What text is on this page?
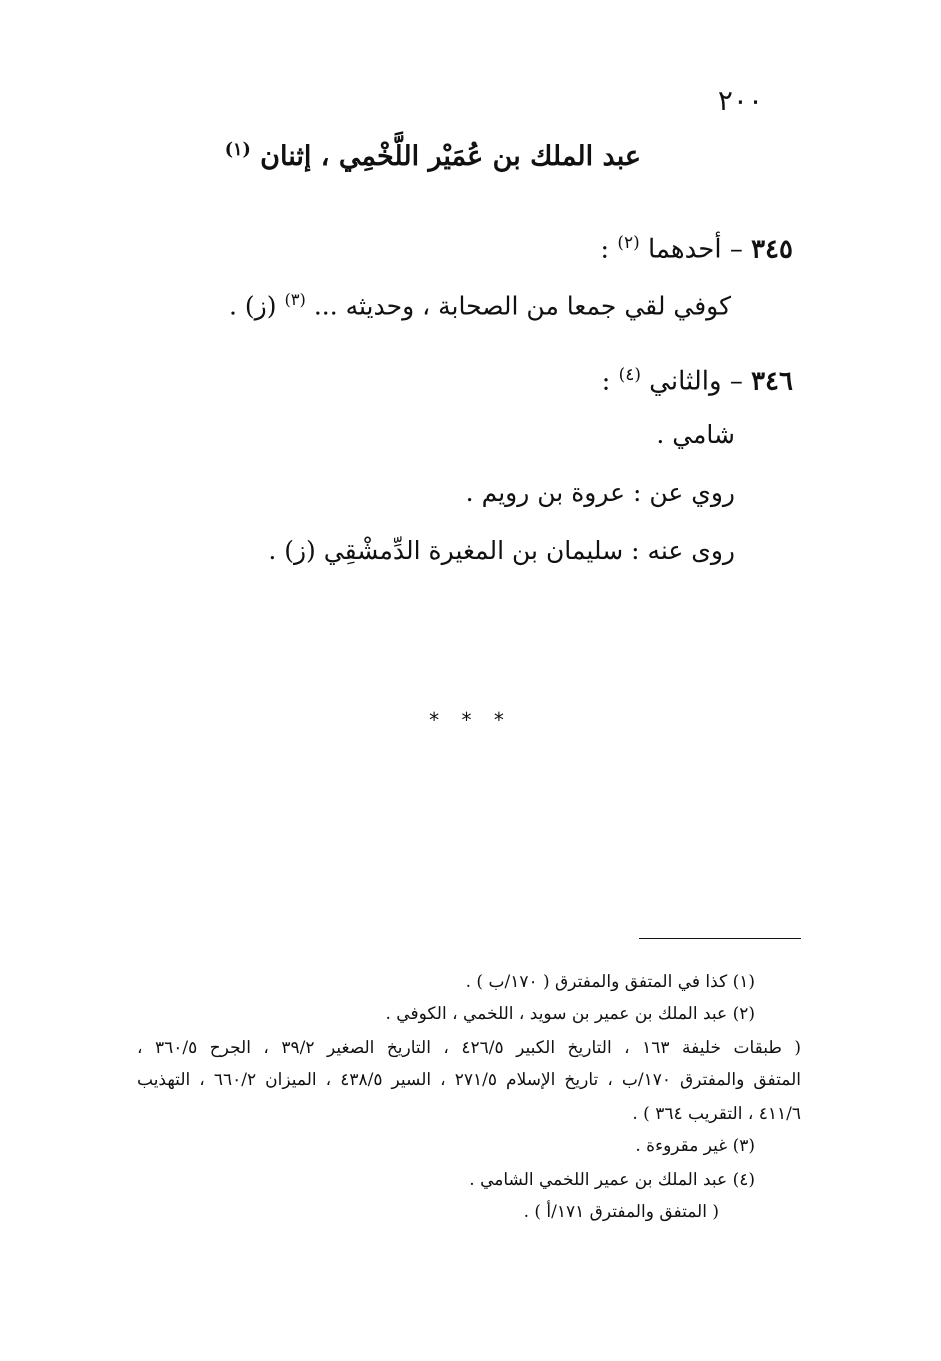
٢٠٠
عبد الملك بن عُمَيْر اللَّخْمِي ، إثنان $^{(١)}$
٣٤٥ – أحدهما $^{(٢)}$ :
كوفي لقي جمعا من الصحابة ، وحديثه ... $^{(٣)}$ (ز) .
٣٤٦ – والثاني $^{(٤)}$ :
شامي .
روي عن : عروة بن رويم .
روى عنه : سليمان بن المغيرة الدِّمشْقِي (ز) .
* * *
(١) كذا في المتفق والمفترق ( ١٧٠/ب ) .
(٢) عبد الملك بن عمير بن سويد ، اللخمي ، الكوفي .
( طبقات خليفة ١٦٣ ، التاريخ الكبير ٤٢٦/٥ ، التاريخ الصغير ٣٩/٢ ، الجرح ٣٦٠/٥ ،
المتفق والمفترق ١٧٠/ب ، تاريخ الإسلام ٢٧١/٥ ، السير ٤٣٨/٥ ، الميزان ٦٦٠/٢ ، التهذيب
٤١١/٦ ، التقريب ٣٦٤ ) .
(٣) غير مقروءة .
(٤) عبد الملك بن عمير اللخمي الشامي .
( المتفق والمفترق ١٧١/أ ) .
